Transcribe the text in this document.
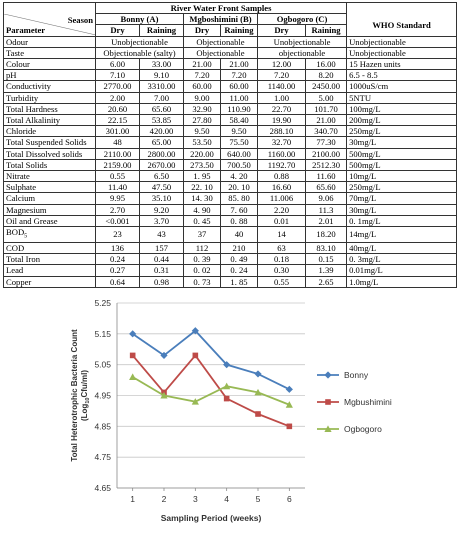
	River Water Front Samples						

Season
Parameter	Bonny (A)		Mgboshimini (B)		Ogbogoro (C)		WHO Standard
	Dry	Raining	Dry	Raining	Dry	Raining	
Odour	Unobjectionable		Objectionable		Unobjectionable		Unobjectionable
Taste	Objectionable (salty)		Objectionable		objectionable		Unobjectionable
Colour	6.00	33.00	21.00	21.00	12.00	16.00	15 Hazen units
pH	7.10	9.10	7.20	7.20	7.20	8.20	6.5 - 8.5
Conductivity	2770.00	3310.00	60.00	60.00	1140.00	2450.00	1000uS/cm
Turbidity	2.00	7.00	9.00	11.00	1.00	5.00	5NTU
Total Hardness	20.60	65.60	32.90	110.90	22.70	101.70	100mg/L
Total Alkalinity	22.15	53.85	27.80	58.40	19.90	21.00	200mg/L
Chloride	301.00	420.00	9.50	9.50	288.10	340.70	250mg/L
Total Suspended Solids	48	65.00	53.50	75.50	32.70	77.30	30mg/L
Total Dissolved solids	2110.00	2800.00	220.00	640.00	1160.00	2100.00	500mg/L
Total Solids	2159.00	2670.00	273.50	700.50	1192.70	2512.30	500mg/L
Nitrate	0.55	6.50	1. 95	4. 20	0.88	11.60	10mg/L
Sulphate	11.40	47.50	22. 10	20. 10	16.60	65.60	250mg/L
Calcium	9.95	35.10	14. 30	85. 80	11.006	9.06	70mg/L
Magnesium	2.70	9.20	4. 90	7. 60	2.20	11.3	30mg/L
Oil and Grease	<0.001	3.70	0. 45	0. 88	0.01	2.01	0. 1mg/L
$BOD_5$	23	43	37	40	14	18.20	14mg/L
COD	136	157	112	210	63	83.10	40mg/L
Total Iron	0.24	0.44	0. 39	0. 49	0.18	0.15	0. 3mg/L
Lead	0.27	0.31	0. 02	0. 24	0.30	1.39	0.01mg/L
Copper	0.64	0.98	0. 73	1. 85	0.55	2.65	1.0mg/L
4.65
4.75
4.85
4.95
5.05
5.15
5.25
1	2	3	4	5	6
Sampling Period (weeks)
Total Heterotrophic Bacteria Count(Log$_{10}$Cfu/ml)	Bonny
Mgbushimini
Ogbogoro
